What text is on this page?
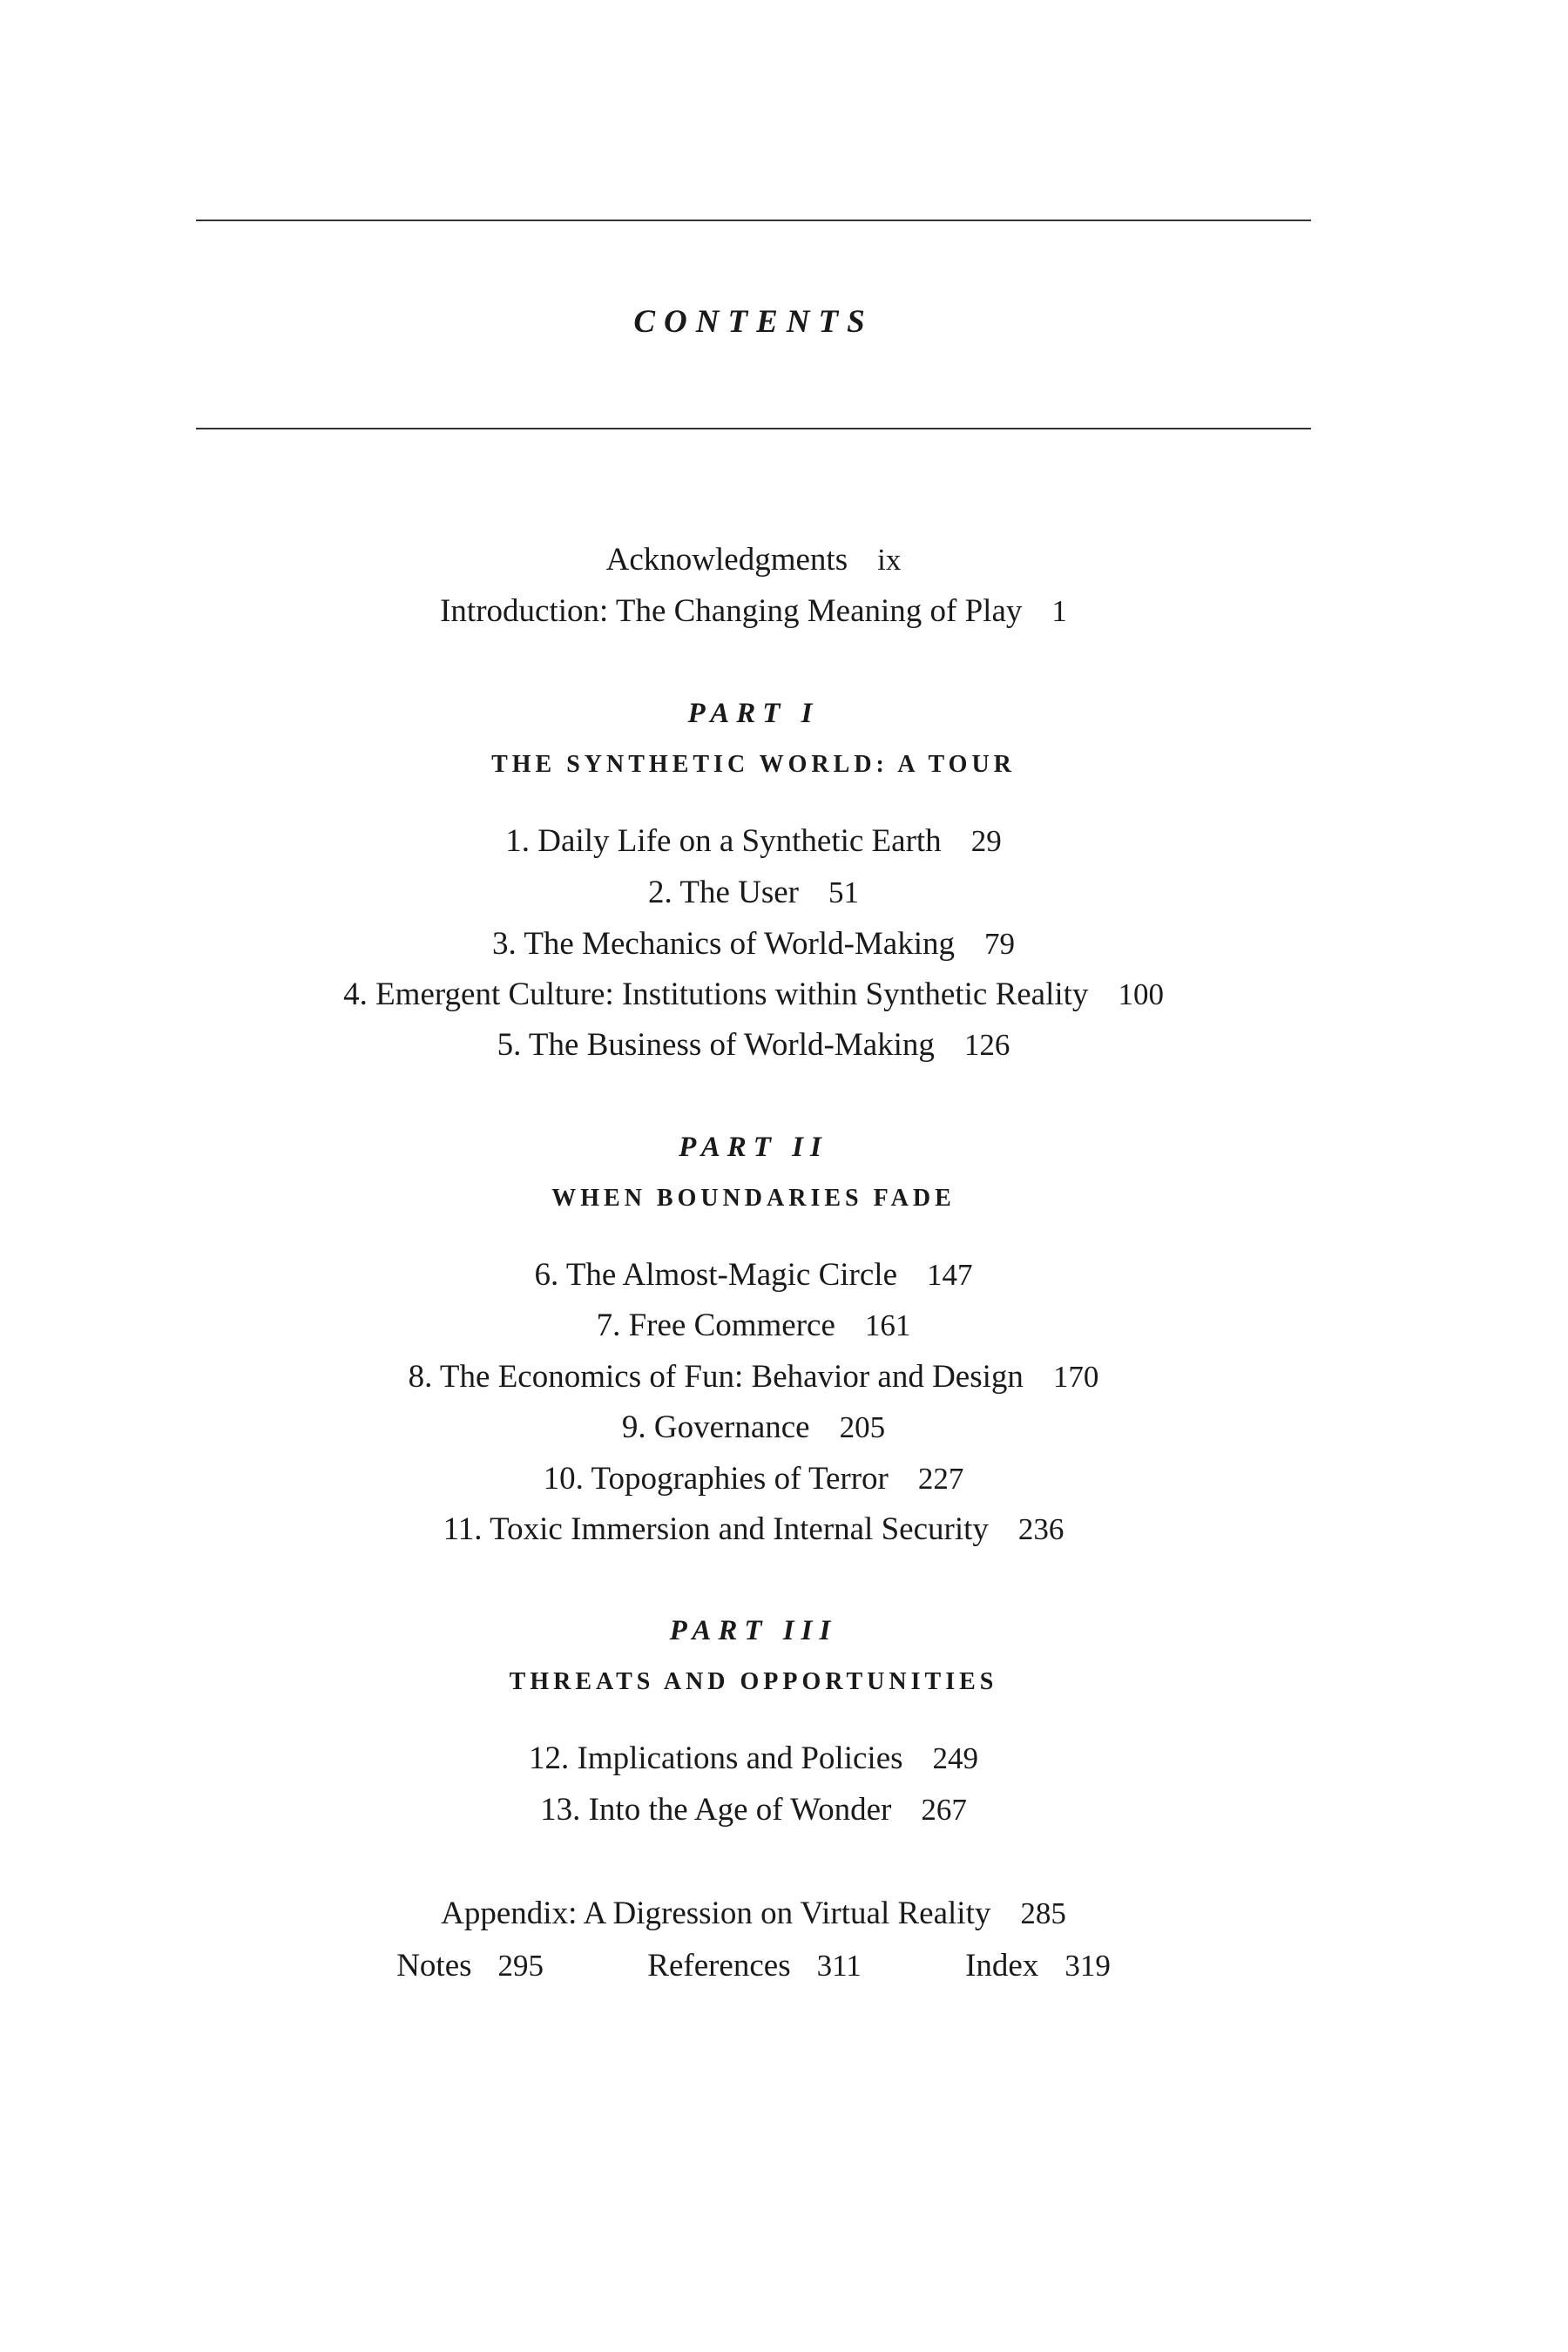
CONTENTS
Acknowledgments ix
Introduction: The Changing Meaning of Play 1
PART I
THE SYNTHETIC WORLD: A TOUR
1. Daily Life on a Synthetic Earth 29
2. The User 51
3. The Mechanics of World-Making 79
4. Emergent Culture: Institutions within Synthetic Reality 100
5. The Business of World-Making 126
PART II
WHEN BOUNDARIES FADE
6. The Almost-Magic Circle 147
7. Free Commerce 161
8. The Economics of Fun: Behavior and Design 170
9. Governance 205
10. Topographies of Terror 227
11. Toxic Immersion and Internal Security 236
PART III
THREATS AND OPPORTUNITIES
12. Implications and Policies 249
13. Into the Age of Wonder 267
Appendix: A Digression on Virtual Reality 285
Notes 295	References 311	Index 319
